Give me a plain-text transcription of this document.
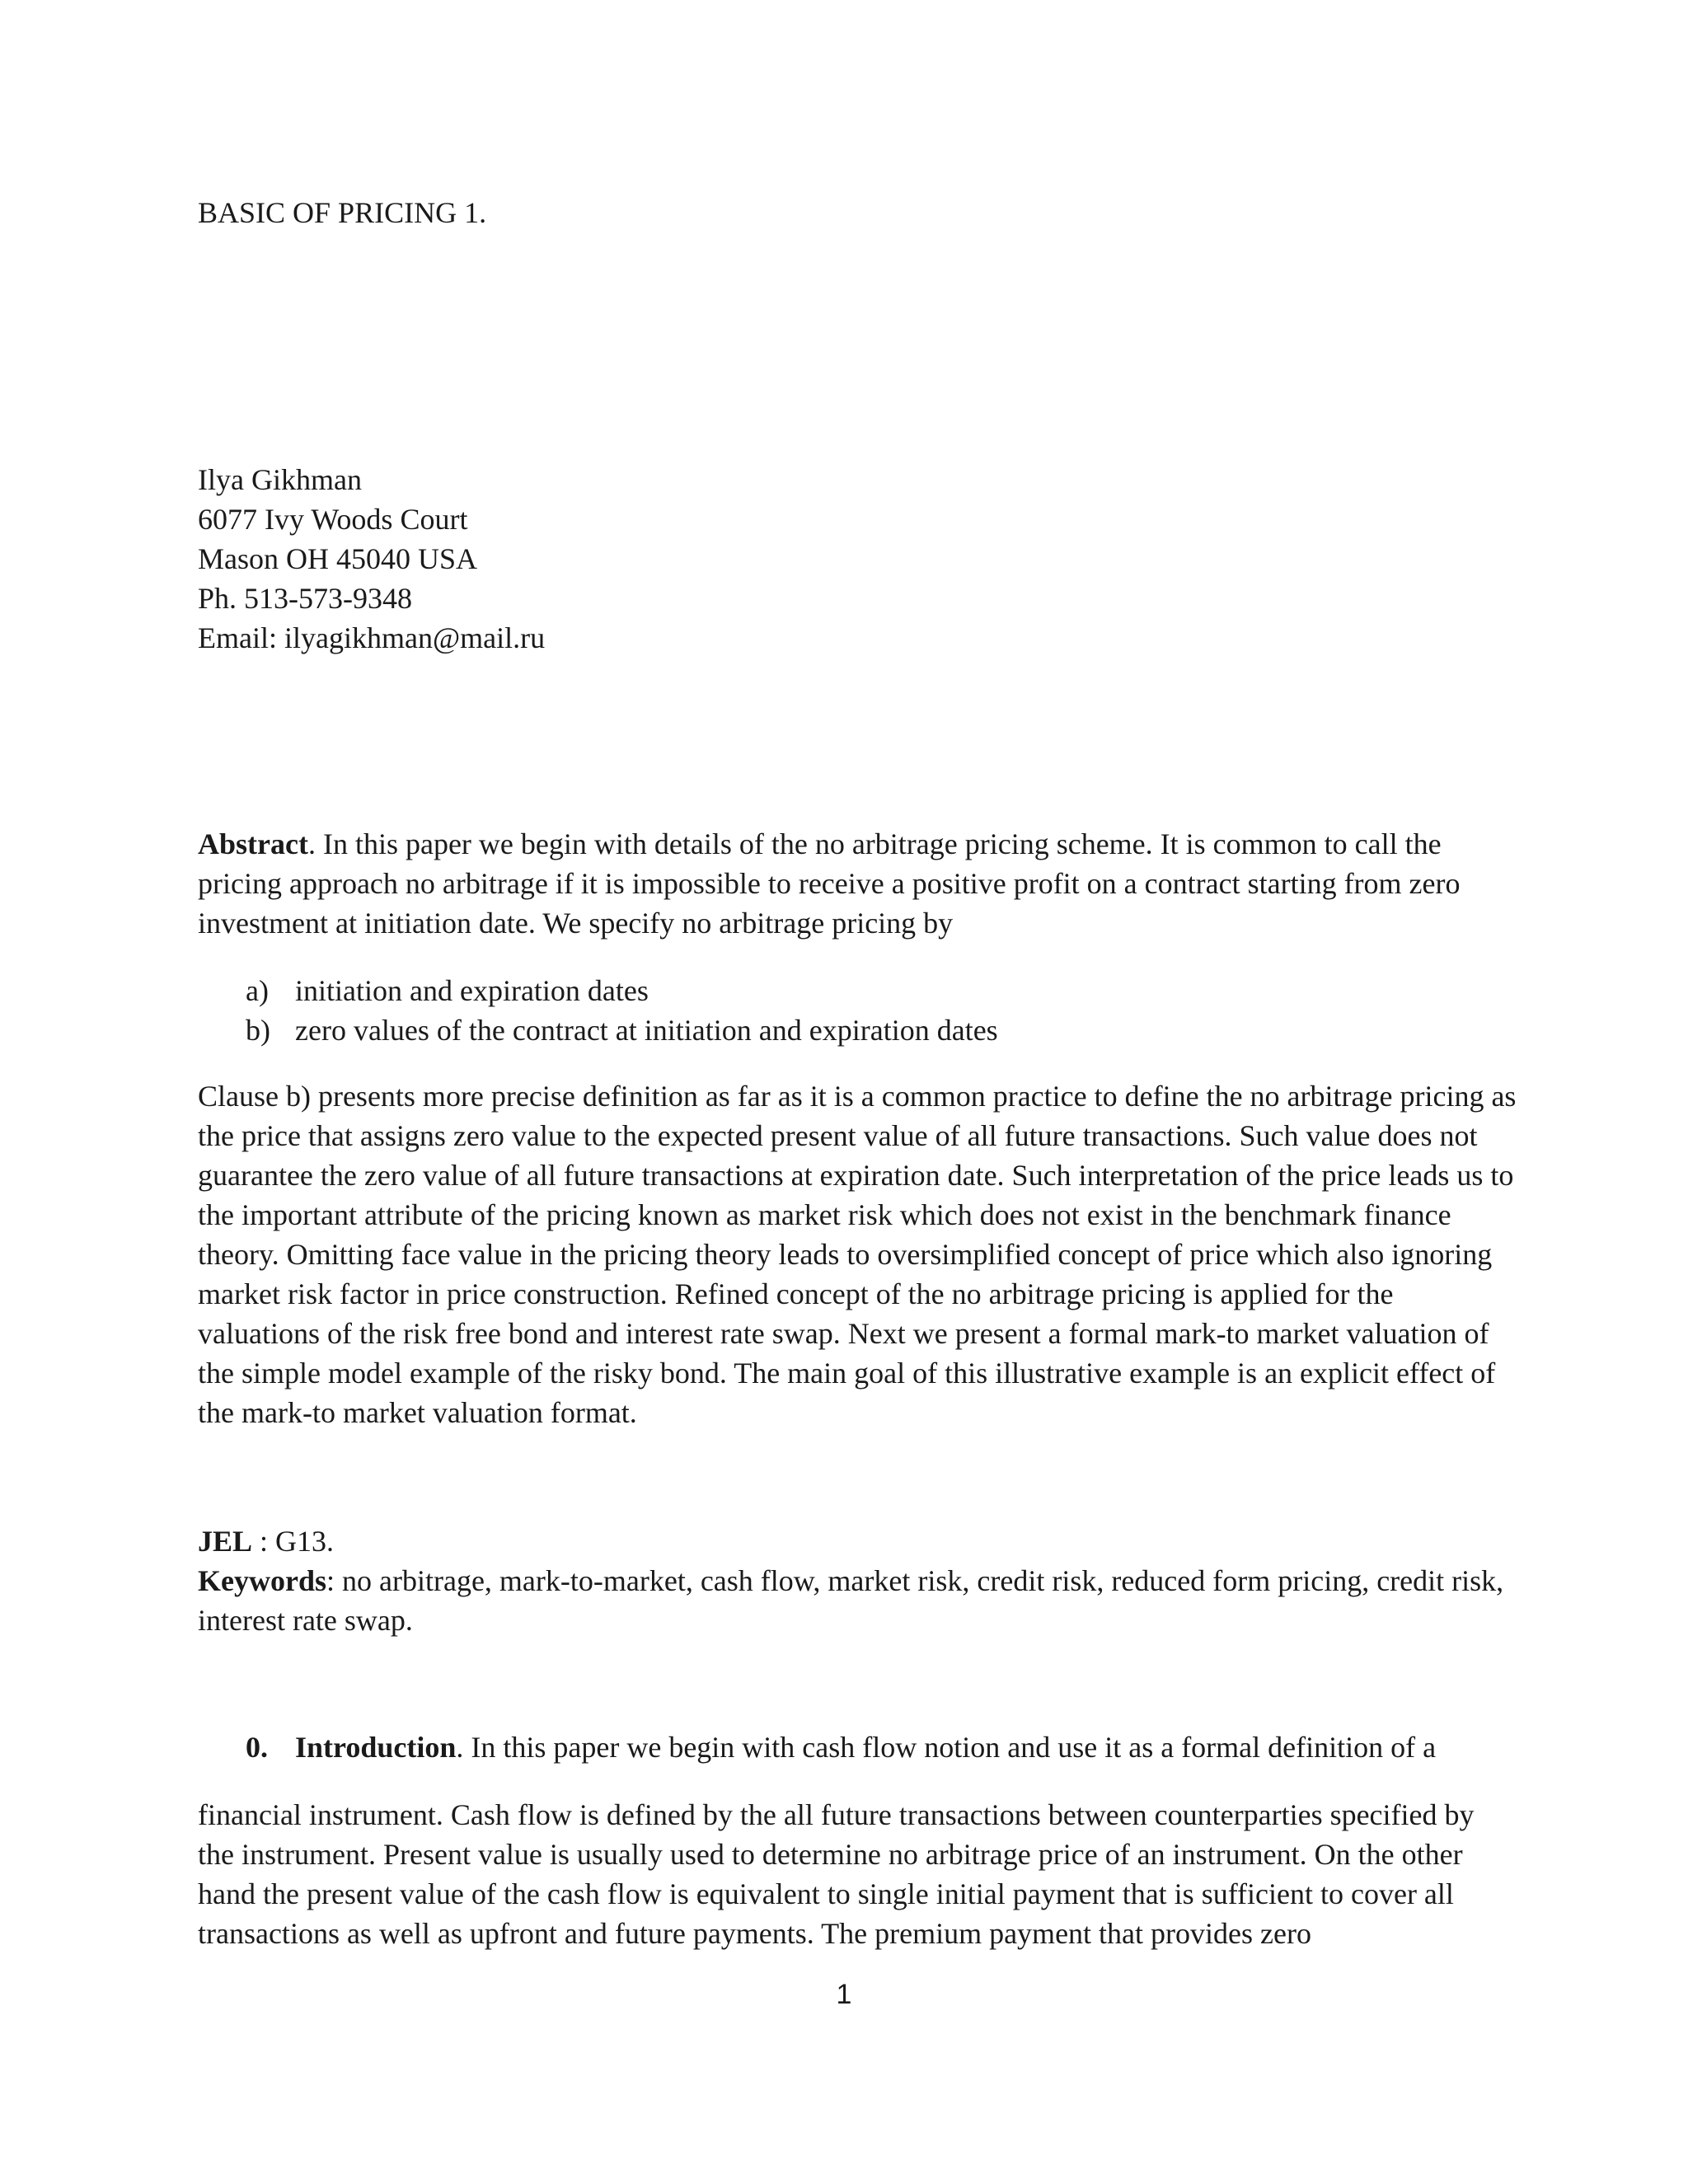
BASIC OF PRICING 1.
Ilya Gikhman
6077 Ivy Woods Court
Mason OH 45040 USA
Ph. 513-573-9348
Email: ilyagikhman@mail.ru

Abstract. In this paper we begin with details of the no arbitrage pricing scheme. It is common to call the pricing approach no arbitrage if it is impossible to receive a positive profit on a contract starting from zero investment at initiation date. We specify no arbitrage pricing by

a) initiation and expiration dates
b) zero values of the contract at initiation and expiration dates

Clause b) presents more precise definition as far as it is a common practice to define the no arbitrage pricing as the price that assigns zero value to the expected present value of all future transactions. Such value does not guarantee the zero value of all future transactions at expiration date. Such interpretation of the price leads us to the important attribute of the pricing known as market risk which does not exist in the benchmark finance theory. Omitting face value in the pricing theory leads to oversimplified concept of price which also ignoring market risk factor in price construction. Refined concept of the no arbitrage pricing is applied for the valuations of the risk free bond and interest rate swap. Next we present a formal mark-to market valuation of the simple model example of the risky bond. The main goal of this illustrative example is an explicit effect of the mark-to market valuation format.

JEL : G13.
Keywords: no arbitrage, mark-to-market, cash flow, market risk, credit risk, reduced form pricing, credit risk, interest rate swap.
0. Introduction. In this paper we begin with cash flow notion and use it as a formal definition of a

financial instrument. Cash flow is defined by the all future transactions between counterparties specified by the instrument. Present value is usually used to determine no arbitrage price of an instrument. On the other hand the present value of the cash flow is equivalent to single initial payment that is sufficient to cover all transactions as well as upfront and future payments. The premium payment that provides zero

1
